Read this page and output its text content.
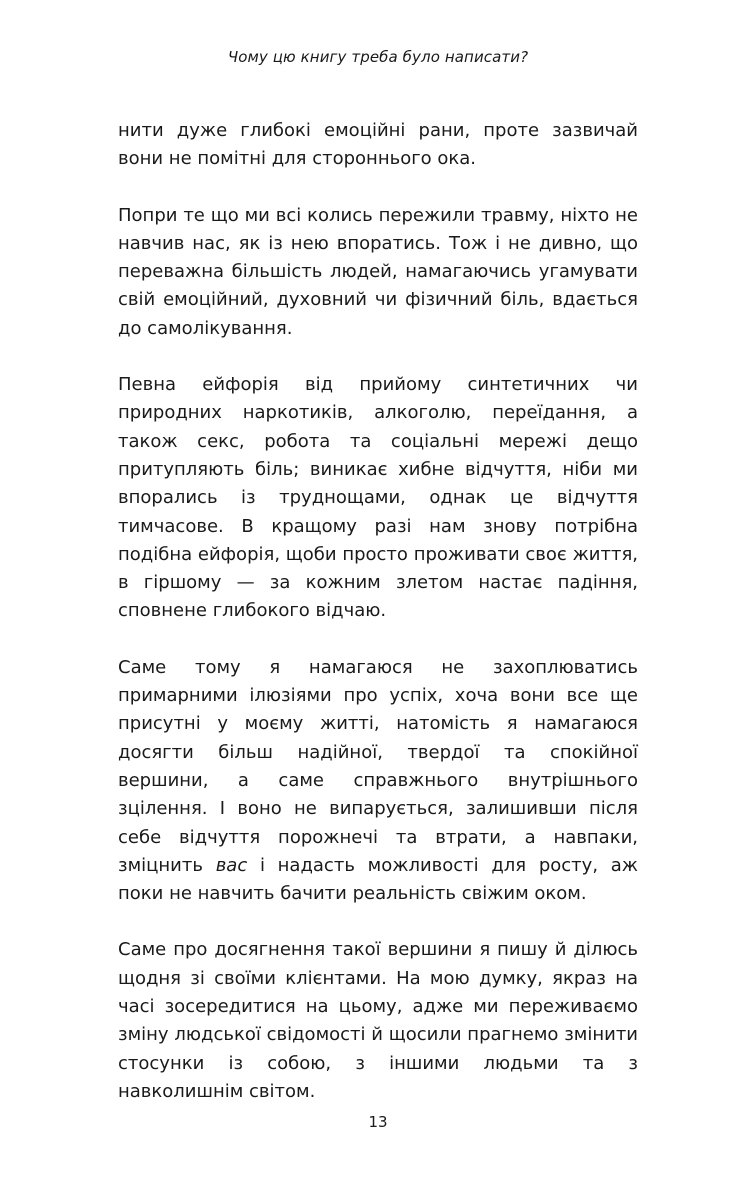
Чому цю книгу треба було написати?

нити дуже глибокі емоційні рани, проте зазвичай вони не помітні для стороннього ока.

Попри те що ми всі колись пережили травму, ніхто не навчив нас, як із нею впоратись. Тож і не дивно, що переважна більшість людей, намагаючись угамувати свій емоційний, духовний чи фізичний біль, вдається до самолікування.

Певна ейфорія від прийому синтетичних чи природних наркотиків, алкоголю, переїдання, а також секс, робота та соціальні мережі дещо притупляють біль; виникає хибне відчуття, ніби ми впорались із труднощами, однак це відчуття тимчасове. В кращому разі нам знову потрібна подібна ейфорія, щоби просто проживати своє життя, в гіршому — за кожним злетом настає падіння, сповнене глибокого відчаю.

Саме тому я намагаюся не захоплюватись примарними ілюзіями про успіх, хоча вони все ще присутні у моєму житті, натомість я намагаюся досягти більш надійної, твердої та спокійної вершини, а саме справжнього внутрішнього зцілення. І воно не випарується, залишивши після себе відчуття порожнечі та втрати, а навпаки, зміцнить вас і надасть можливості для росту, аж поки не навчить бачити реальність свіжим оком.

Саме про досягнення такої вершини я пишу й ділюсь щодня зі своїми клієнтами. На мою думку, якраз на часі зосередитися на цьому, адже ми переживаємо зміну людської свідомості й щосили прагнемо змінити стосунки із собою, з іншими людьми та з навколишнім світом.

13
